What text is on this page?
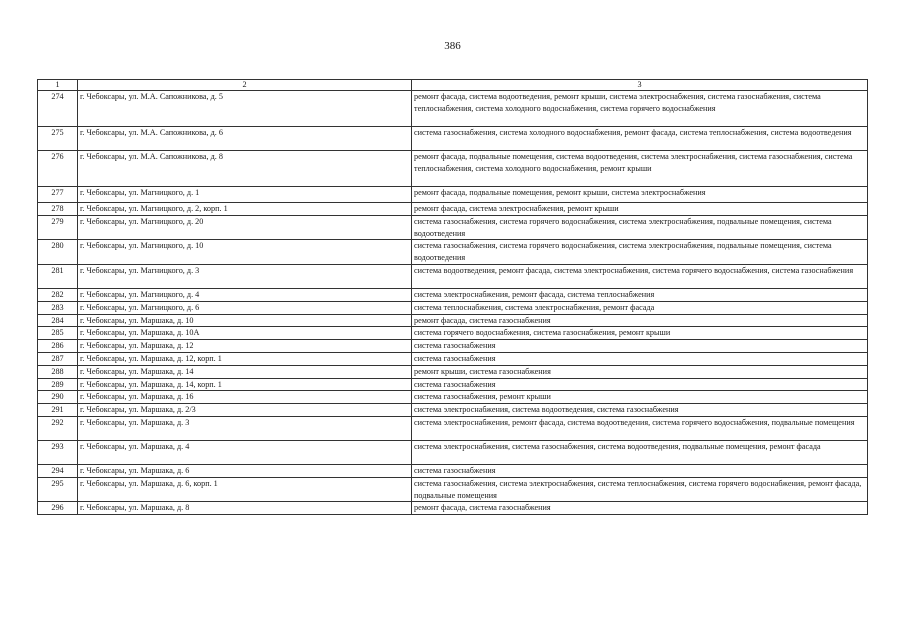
386
1	2	3
274	г. Чебоксары, ул. М.А. Сапожникова, д. 5	ремонт фасада, система водоотведения, ремонт крыши, система электроснабжения, система газоснабжения, система теплоснабжения, система холодного водоснабжения, система горячего водоснабжения
275	г. Чебоксары, ул. М.А. Сапожникова, д. 6	система газоснабжения, система холодного водоснабжения, ремонт фасада, система теплоснабжения, система водоотведения
276	г. Чебоксары, ул. М.А. Сапожникова, д. 8	ремонт фасада, подвальные помещения, система водоотведения, система электроснабжения, система газоснабжения, система теплоснабжения, система холодного водоснабжения, ремонт крыши
277	г. Чебоксары, ул. Магницкого, д. 1	ремонт фасада, подвальные помещения, ремонт крыши, система электроснабжения
278	г. Чебоксары, ул. Магницкого, д. 2, корп. 1	ремонт фасада, система электроснабжения, ремонт крыши
279	г. Чебоксары, ул. Магницкого, д. 20	система газоснабжения, система горячего водоснабжения, система электроснабжения, подвальные помещения, система водоотведения
280	г. Чебоксары, ул. Магницкого, д. 10	система газоснабжения, система горячего водоснабжения, система электроснабжения, подвальные помещения, система водоотведения
281	г. Чебоксары, ул. Магницкого, д. 3	система водоотведения, ремонт фасада, система электроснабжения, система горячего водоснабжения, система газоснабжения
282	г. Чебоксары, ул. Магницкого, д. 4	система электроснабжения, ремонт фасада, система теплоснабжения
283	г. Чебоксары, ул. Магницкого, д. 6	система теплоснабжения, система электроснабжения, ремонт фасада
284	г. Чебоксары, ул. Маршака, д. 10	ремонт фасада, система газоснабжения
285	г. Чебоксары, ул. Маршака, д. 10А	система горячего водоснабжения, система газоснабжения, ремонт крыши
286	г. Чебоксары, ул. Маршака, д. 12	система газоснабжения
287	г. Чебоксары, ул. Маршака, д. 12, корп. 1	система газоснабжения
288	г. Чебоксары, ул. Маршака, д. 14	ремонт крыши, система газоснабжения
289	г. Чебоксары, ул. Маршака, д. 14, корп. 1	система газоснабжения
290	г. Чебоксары, ул. Маршака, д. 16	система газоснабжения, ремонт крыши
291	г. Чебоксары, ул. Маршака, д. 2/3	система электроснабжения, система водоотведения, система газоснабжения
292	г. Чебоксары, ул. Маршака, д. 3	система электроснабжения, ремонт фасада, система водоотведения, система горячего водоснабжения, подвальные помещения
293	г. Чебоксары, ул. Маршака, д. 4	система электроснабжения, система газоснабжения, система водоотведения, подвальные помещения, ремонт фасада
294	г. Чебоксары, ул. Маршака, д. 6	система газоснабжения
295	г. Чебоксары, ул. Маршака, д. 6, корп. 1	система газоснабжения, система электроснабжения, система теплоснабжения, система горячего водоснабжения, ремонт фасада, подвальные помещения
296	г. Чебоксары, ул. Маршака, д. 8	ремонт фасада, система газоснабжения
